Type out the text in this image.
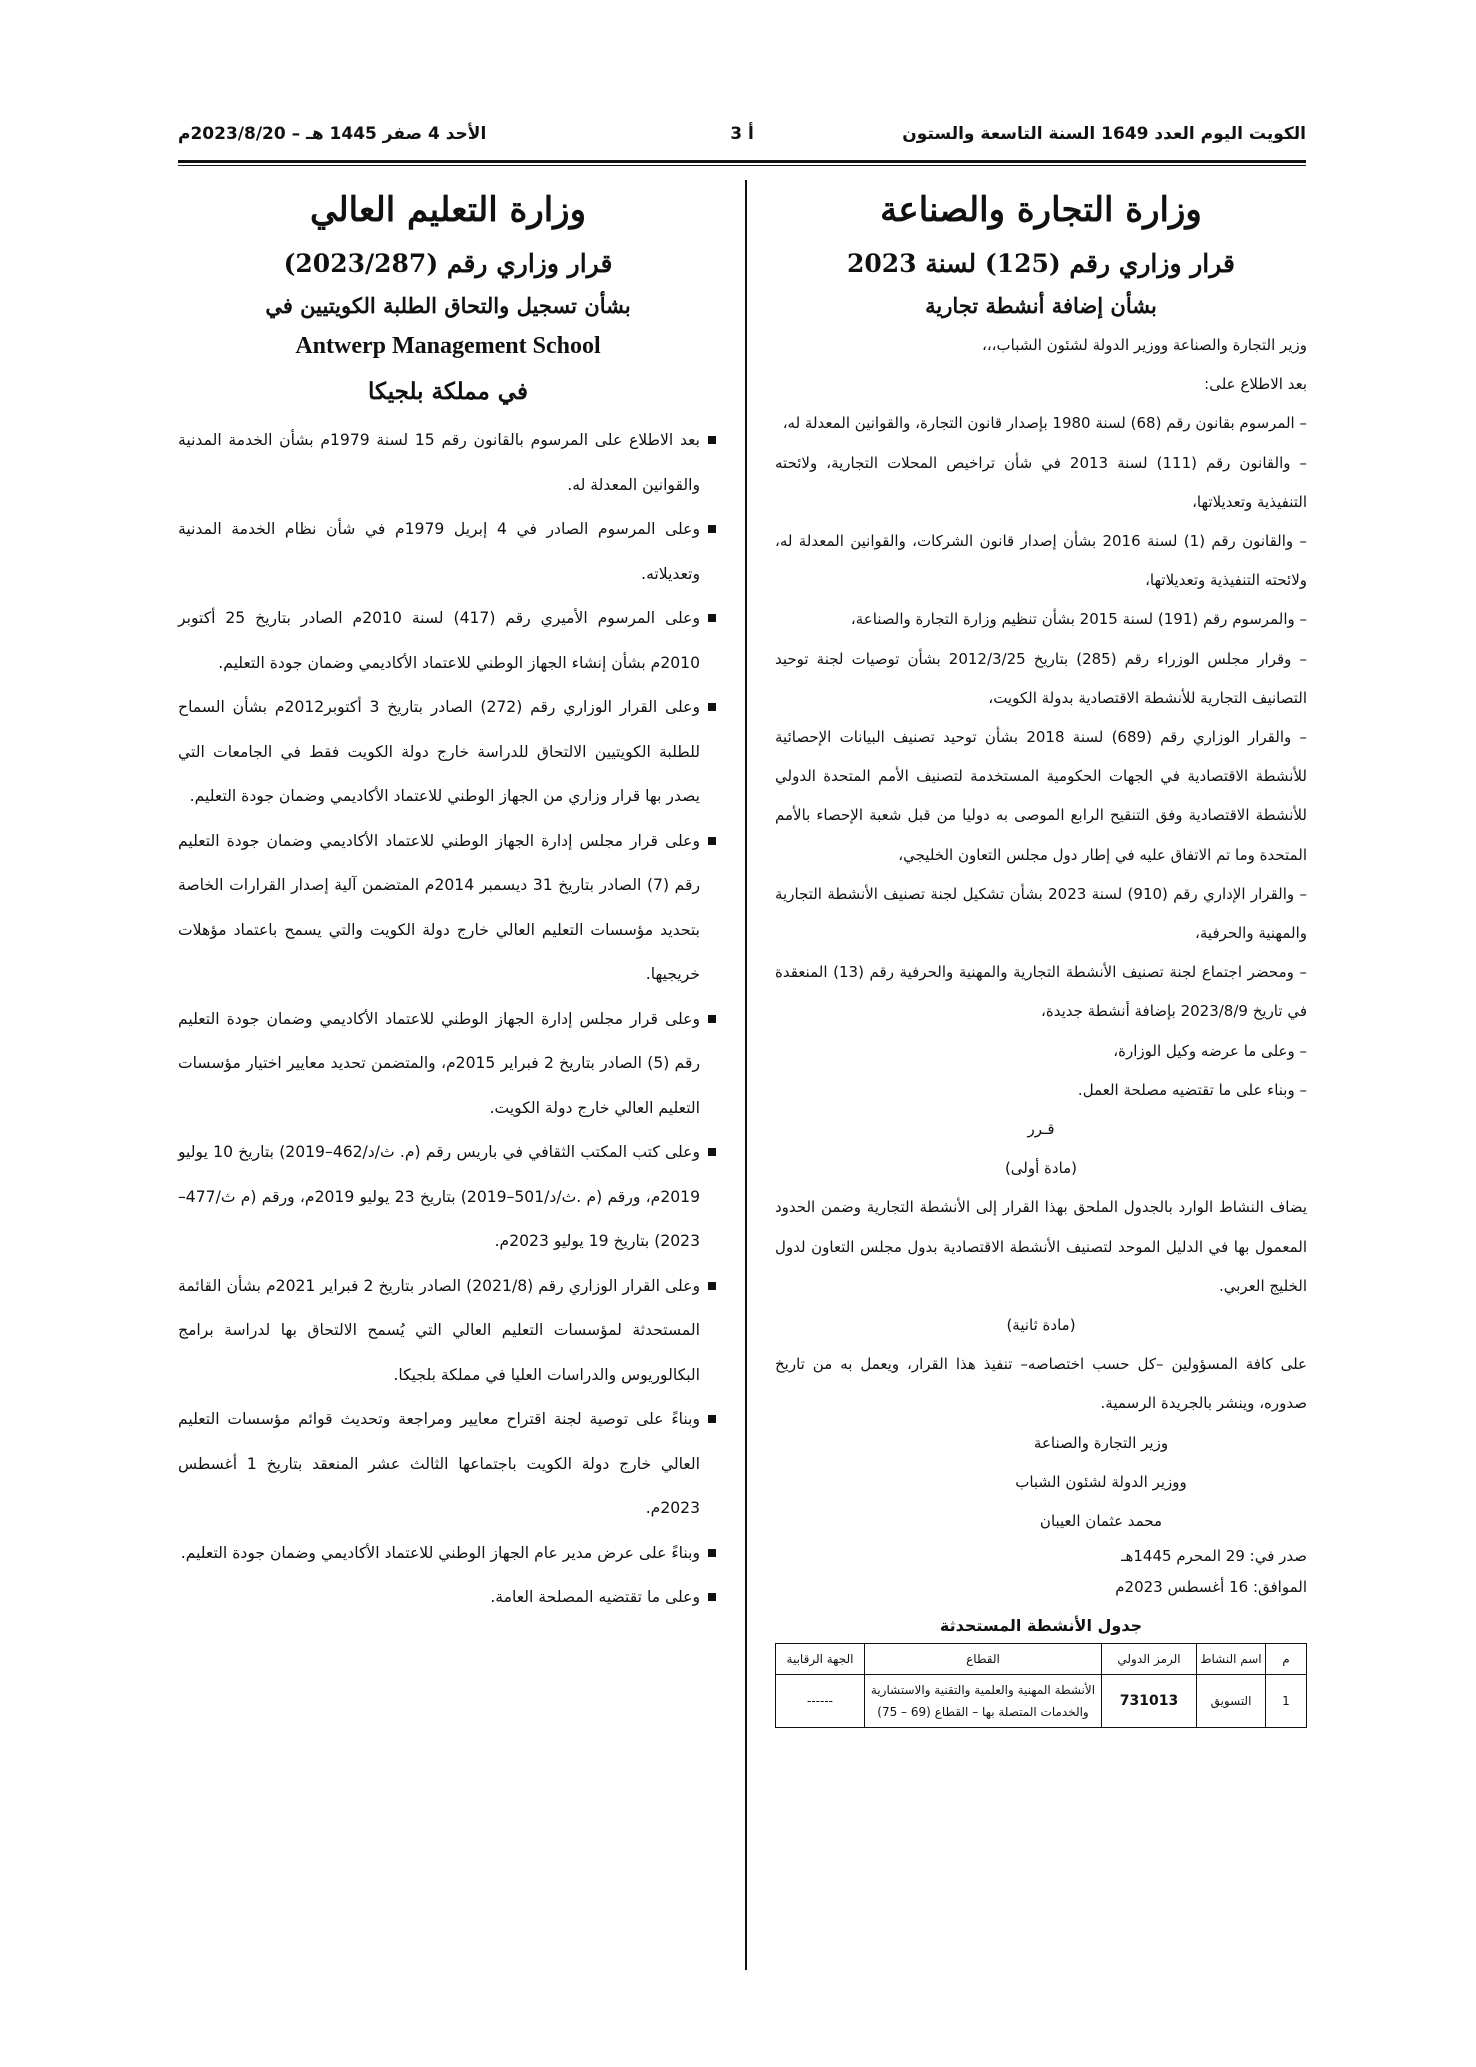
الكويت اليوم العدد 1649 السنة التاسعة والستون
أ 3
الأحد 4 صفر 1445 هـ – 2023/8/20م
وزارة التجارة والصناعة
قرار وزاري رقم (125) لسنة 2023
بشأن إضافة أنشطة تجارية

وزير التجارة والصناعة ووزير الدولة لشئون الشباب،،،

بعد الاطلاع على:

– المرسوم بقانون رقم (68) لسنة 1980 بإصدار قانون التجارة، والقوانين المعدلة له،

– والقانون رقم (111) لسنة 2013 في شأن تراخيص المحلات التجارية، ولائحته التنفيذية وتعديلاتها،

– والقانون رقم (1) لسنة 2016 بشأن إصدار قانون الشركات، والقوانين المعدلة له، ولائحته التنفيذية وتعديلاتها،

– والمرسوم رقم (191) لسنة 2015 بشأن تنظيم وزارة التجارة والصناعة،

– وقرار مجلس الوزراء رقم (285) بتاريخ 2012/3/25 بشأن توصيات لجنة توحيد التصانيف التجارية للأنشطة الاقتصادية بدولة الكويت،

– والقرار الوزاري رقم (689) لسنة 2018 بشأن توحيد تصنيف البيانات الإحصائية للأنشطة الاقتصادية في الجهات الحكومية المستخدمة لتصنيف الأمم المتحدة الدولي للأنشطة الاقتصادية وفق التنقيح الرابع الموصى به دوليا من قبل شعبة الإحصاء بالأمم المتحدة وما تم الاتفاق عليه في إطار دول مجلس التعاون الخليجي،

– والقرار الإداري رقم (910) لسنة 2023 بشأن تشكيل لجنة تصنيف الأنشطة التجارية والمهنية والحرفية،

– ومحضر اجتماع لجنة تصنيف الأنشطة التجارية والمهنية والحرفية رقم (13) المنعقدة في تاريخ 2023/8/9 بإضافة أنشطة جديدة،

– وعلى ما عرضه وكيل الوزارة،

– وبناء على ما تقتضيه مصلحة العمل.

قـرر

(مادة أولى)

يضاف النشاط الوارد بالجدول الملحق بهذا القرار إلى الأنشطة التجارية وضمن الحدود المعمول بها في الدليل الموحد لتصنيف الأنشطة الاقتصادية بدول مجلس التعاون لدول الخليج العربي.

(مادة ثانية)

على كافة المسؤولين –كل حسب اختصاصه– تنفيذ هذا القرار، ويعمل به من تاريخ صدوره، وينشر بالجريدة الرسمية.

وزير التجارة والصناعة

ووزير الدولة لشئون الشباب

محمد عثمان العيبان

صدر في: 29 المحرم 1445هـ

الموافق: 16 أغسطس 2023م

جدول الأنشطة المستحدثة
م	اسم النشاط	الرمز الدولي	القطاع	الجهة الرقابية
1	التسويق	731013	الأنشطة المهنية والعلمية والتقنية والاستشارية والخدمات المتصلة بها – القطاع (69 – 75)	------
وزارة التعليم العالي
قرار وزاري رقم (2023/287)
بشأن تسجيل والتحاق الطلبة الكويتيين في
Antwerp Management School
في مملكة بلجيكا

بعد الاطلاع على المرسوم بالقانون رقم 15 لسنة 1979م بشأن الخدمة المدنية والقوانين المعدلة له.

وعلى المرسوم الصادر في 4 إبريل 1979م في شأن نظام الخدمة المدنية وتعديلاته.

وعلى المرسوم الأميري رقم (417) لسنة 2010م الصادر بتاريخ 25 أكتوبر 2010م بشأن إنشاء الجهاز الوطني للاعتماد الأكاديمي وضمان جودة التعليم.

وعلى القرار الوزاري رقم (272) الصادر بتاريخ 3 أكتوبر2012م بشأن السماح للطلبة الكويتيين الالتحاق للدراسة خارج دولة الكويت فقط في الجامعات التي يصدر بها قرار وزاري من الجهاز الوطني للاعتماد الأكاديمي وضمان جودة التعليم.

وعلى قرار مجلس إدارة الجهاز الوطني للاعتماد الأكاديمي وضمان جودة التعليم رقم (7) الصادر بتاريخ 31 ديسمبر 2014م المتضمن آلية إصدار القرارات الخاصة بتحديد مؤسسات التعليم العالي خارج دولة الكويت والتي يسمح باعتماد مؤهلات خريجيها.

وعلى قرار مجلس إدارة الجهاز الوطني للاعتماد الأكاديمي وضمان جودة التعليم رقم (5) الصادر بتاريخ 2 فبراير 2015م، والمتضمن تحديد معايير اختيار مؤسسات التعليم العالي خارج دولة الكويت.

وعلى كتب المكتب الثقافي في باريس رقم (م. ث/د/462–2019) بتاريخ 10 يوليو 2019م، ورقم (م .ث/د/501–2019) بتاريخ 23 يوليو 2019م، ورقم (م ث/477–2023) بتاريخ 19 يوليو 2023م.

وعلى القرار الوزاري رقم (2021/8) الصادر بتاريخ 2 فبراير 2021م بشأن القائمة المستحدثة لمؤسسات التعليم العالي التي يُسمح الالتحاق بها لدراسة برامج البكالوريوس والدراسات العليا في مملكة بلجيكا.

وبناءً على توصية لجنة اقتراح معايير ومراجعة وتحديث قوائم مؤسسات التعليم العالي خارج دولة الكويت باجتماعها الثالث عشر المنعقد بتاريخ 1 أغسطس 2023م.

وبناءً على عرض مدير عام الجهاز الوطني للاعتماد الأكاديمي وضمان جودة التعليم.

وعلى ما تقتضيه المصلحة العامة.
